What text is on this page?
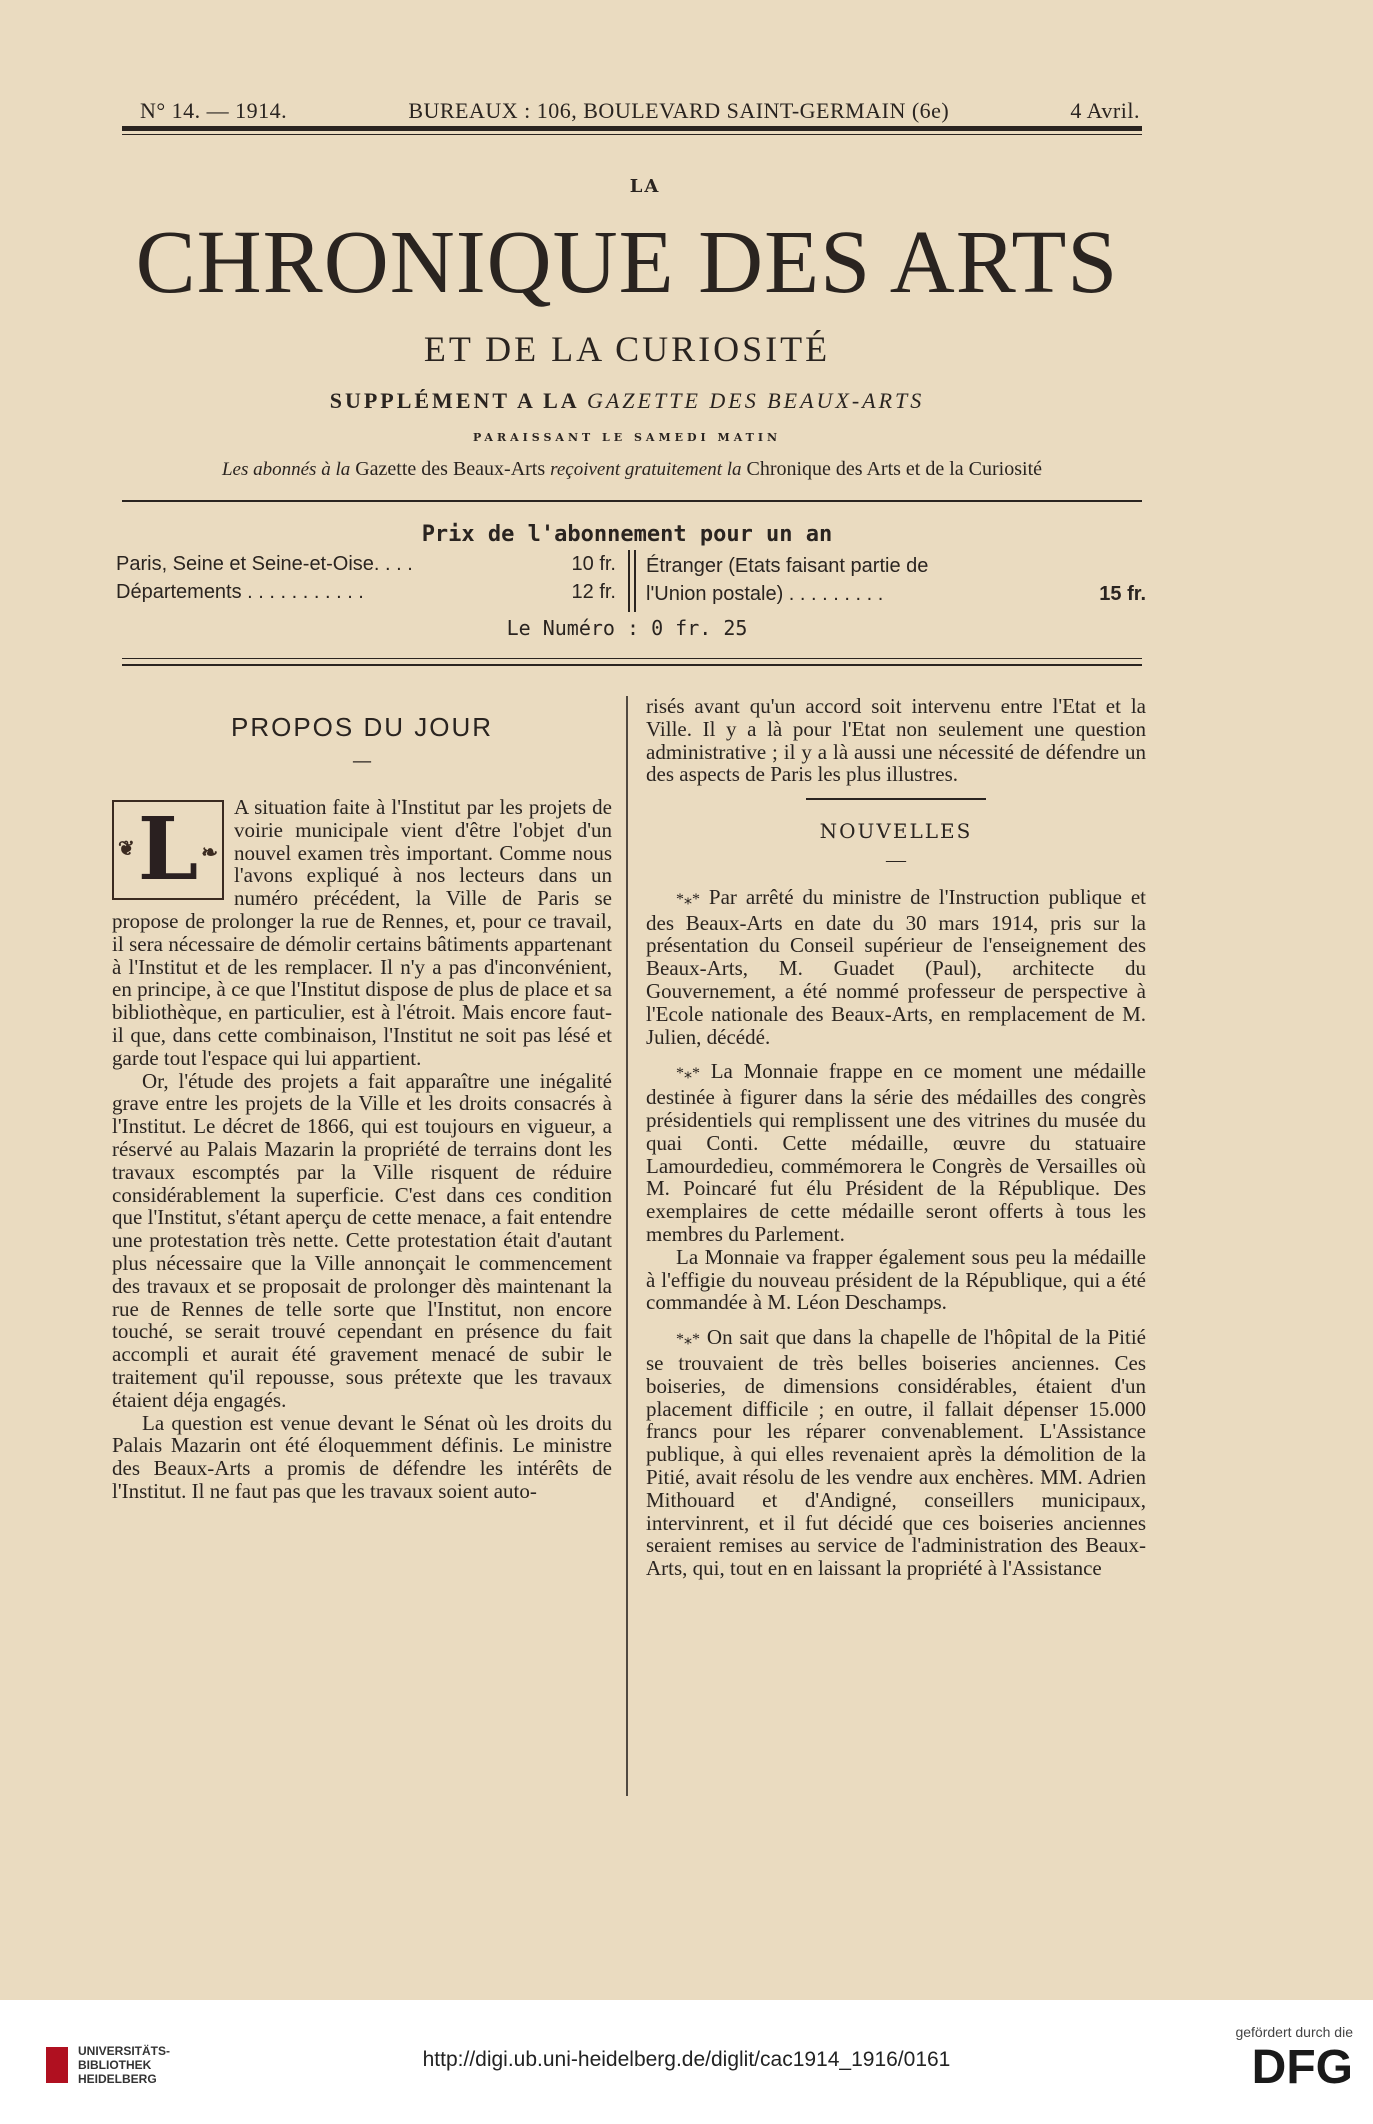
N° 14. — 1914.	BUREAUX : 106, BOULEVARD SAINT-GERMAIN (6e)	4 Avril.
LA
CHRONIQUE DES ARTS
ET DE LA CURIOSITÉ
SUPPLÉMENT A LA GAZETTE DES BEAUX-ARTS
PARAISSANT LE SAMEDI MATIN
Les abonnés à la Gazette des Beaux-Arts reçoivent gratuitement la Chronique des Arts et de la Curiosité
Prix de l'abonnement pour un an
Paris, Seine et Seine-et-Oise. . . .	10 fr.
Départements . . . . . . . . . . .	12 fr.
Étranger (Etats faisant partie de
l'Union postale) . . . . . . . . .	15 fr.
Le Numéro : 0 fr. 25
PROPOS DU JOUR
—
L
❦	❧

A situation faite à l'Institut par les projets de voirie municipale vient d'être l'objet d'un nouvel examen très important. Comme nous l'avons expliqué à nos lecteurs dans un numéro précédent, la Ville de Paris se propose de prolonger la rue de Rennes, et, pour ce travail, il sera nécessaire de démolir certains bâtiments appartenant à l'Institut et de les remplacer. Il n'y a pas d'inconvénient, en principe, à ce que l'Institut dispose de plus de place et sa bibliothèque, en particulier, est à l'étroit. Mais encore faut-il que, dans cette combinaison, l'Institut ne soit pas lésé et garde tout l'espace qui lui appartient.

Or, l'étude des projets a fait apparaître une inégalité grave entre les projets de la Ville et les droits consacrés à l'Institut. Le décret de 1866, qui est toujours en vigueur, a réservé au Palais Mazarin la propriété de terrains dont les travaux escomptés par la Ville risquent de réduire considérablement la superficie. C'est dans ces condition que l'Institut, s'étant aperçu de cette menace, a fait entendre une protestation très nette. Cette protestation était d'autant plus nécessaire que la Ville annonçait le commencement des travaux et se proposait de prolonger dès maintenant la rue de Rennes de telle sorte que l'Institut, non encore touché, se serait trouvé cependant en présence du fait accompli et aurait été gravement menacé de subir le traitement qu'il repousse, sous prétexte que les travaux étaient déja engagés.

La question est venue devant le Sénat où les droits du Palais Mazarin ont été éloquemment définis. Le ministre des Beaux-Arts a promis de défendre les intérêts de l'Institut. Il ne faut pas que les travaux soient auto-

risés avant qu'un accord soit intervenu entre l'Etat et la Ville. Il y a là pour l'Etat non seulement une question administrative ; il y a là aussi une nécessité de défendre un des aspects de Paris les plus illustres.

NOUVELLES
—

*⁎* Par arrêté du ministre de l'Instruction publique et des Beaux-Arts en date du 30 mars 1914, pris sur la présentation du Conseil supérieur de l'enseignement des Beaux-Arts, M. Guadet (Paul), architecte du Gouvernement, a été nommé professeur de perspective à l'Ecole nationale des Beaux-Arts, en remplacement de M. Julien, décédé.

*⁎* La Monnaie frappe en ce moment une médaille destinée à figurer dans la série des médailles des congrès présidentiels qui remplissent une des vitrines du musée du quai Conti. Cette médaille, œuvre du statuaire Lamourdedieu, commémorera le Congrès de Versailles où M. Poincaré fut élu Président de la République. Des exemplaires de cette médaille seront offerts à tous les membres du Parlement.

La Monnaie va frapper également sous peu la médaille à l'effigie du nouveau président de la République, qui a été commandée à M. Léon Deschamps.

*⁎* On sait que dans la chapelle de l'hôpital de la Pitié se trouvaient de très belles boiseries anciennes. Ces boiseries, de dimensions considérables, étaient d'un placement difficile ; en outre, il fallait dépenser 15.000 francs pour les réparer convenablement. L'Assistance publique, à qui elles revenaient après la démolition de la Pitié, avait résolu de les vendre aux enchères. MM. Adrien Mithouard et d'Andigné, conseillers municipaux, intervinrent, et il fut décidé que ces boiseries anciennes seraient remises au service de l'administration des Beaux-Arts, qui, tout en en laissant la propriété à l'Assistance

UNIVERSITÄTS-
BIBLIOTHEK
HEIDELBERG
http://digi.ub.uni-heidelberg.de/diglit/cac1914_1916/0161
gefördert durch die
DFG
